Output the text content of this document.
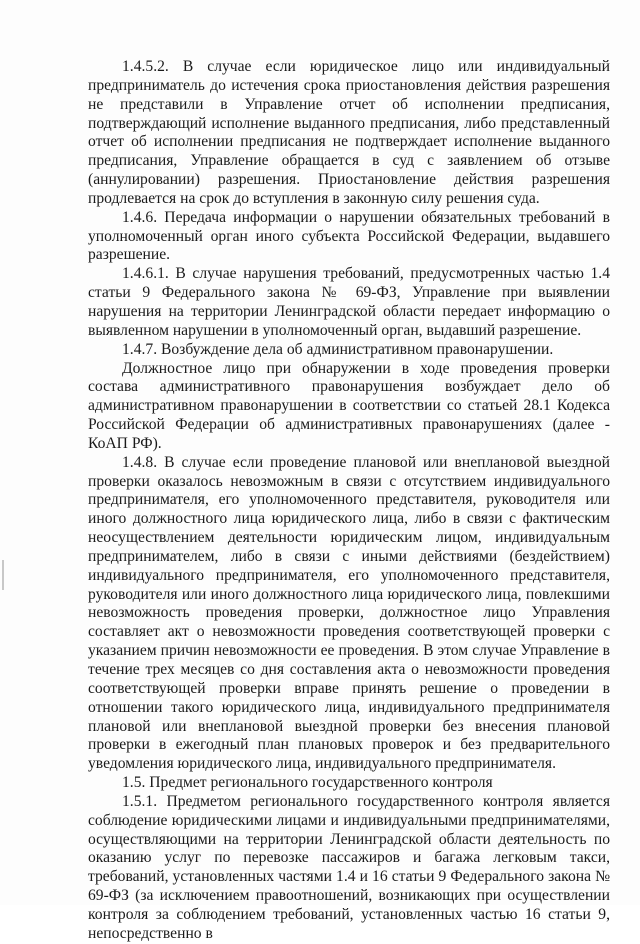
1.4.5.2. В случае если юридическое лицо или индивидуальный предприниматель до истечения срока приостановления действия разрешения не представили в Управление отчет об исполнении предписания, подтверждающий исполнение выданного предписания, либо представленный отчет об исполнении предписания не подтверждает исполнение выданного предписания, Управление обращается в суд с заявлением об отзыве (аннулировании) разрешения. Приостановление действия разрешения продлевается на срок до вступления в законную силу решения суда.

1.4.6. Передача информации о нарушении обязательных требований в уполномоченный орган иного субъекта Российской Федерации, выдавшего разрешение.

1.4.6.1. В случае нарушения требований, предусмотренных частью 1.4 статьи 9 Федерального закона № 69-ФЗ, Управление при выявлении нарушения на территории Ленинградской области передает информацию о выявленном нарушении в уполномоченный орган, выдавший разрешение.

1.4.7. Возбуждение дела об административном правонарушении.

Должностное лицо при обнаружении в ходе проведения проверки состава административного правонарушения возбуждает дело об административном правонарушении в соответствии со статьей 28.1 Кодекса Российской Федерации об административных правонарушениях (далее - КоАП РФ).

1.4.8. В случае если проведение плановой или внеплановой выездной проверки оказалось невозможным в связи с отсутствием индивидуального предпринимателя, его уполномоченного представителя, руководителя или иного должностного лица юридического лица, либо в связи с фактическим неосуществлением деятельности юридическим лицом, индивидуальным предпринимателем, либо в связи с иными действиями (бездействием) индивидуального предпринимателя, его уполномоченного представителя, руководителя или иного должностного лица юридического лица, повлекшими невозможность проведения проверки, должностное лицо Управления составляет акт о невозможности проведения соответствующей проверки с указанием причин невозможности ее проведения. В этом случае Управление в течение трех месяцев со дня составления акта о невозможности проведения соответствующей проверки вправе принять решение о проведении в отношении такого юридического лица, индивидуального предпринимателя плановой или внеплановой выездной проверки без внесения плановой проверки в ежегодный план плановых проверок и без предварительного уведомления юридического лица, индивидуального предпринимателя.

1.5. Предмет регионального государственного контроля

1.5.1. Предметом регионального государственного контроля является соблюдение юридическими лицами и индивидуальными предпринимателями, осуществляющими на территории Ленинградской области деятельность по оказанию услуг по перевозке пассажиров и багажа легковым такси, требований, установленных частями 1.4 и 16 статьи 9 Федерального закона № 69-ФЗ (за исключением правоотношений, возникающих при осуществлении контроля за соблюдением требований, установленных частью 16 статьи 9, непосредственно в
